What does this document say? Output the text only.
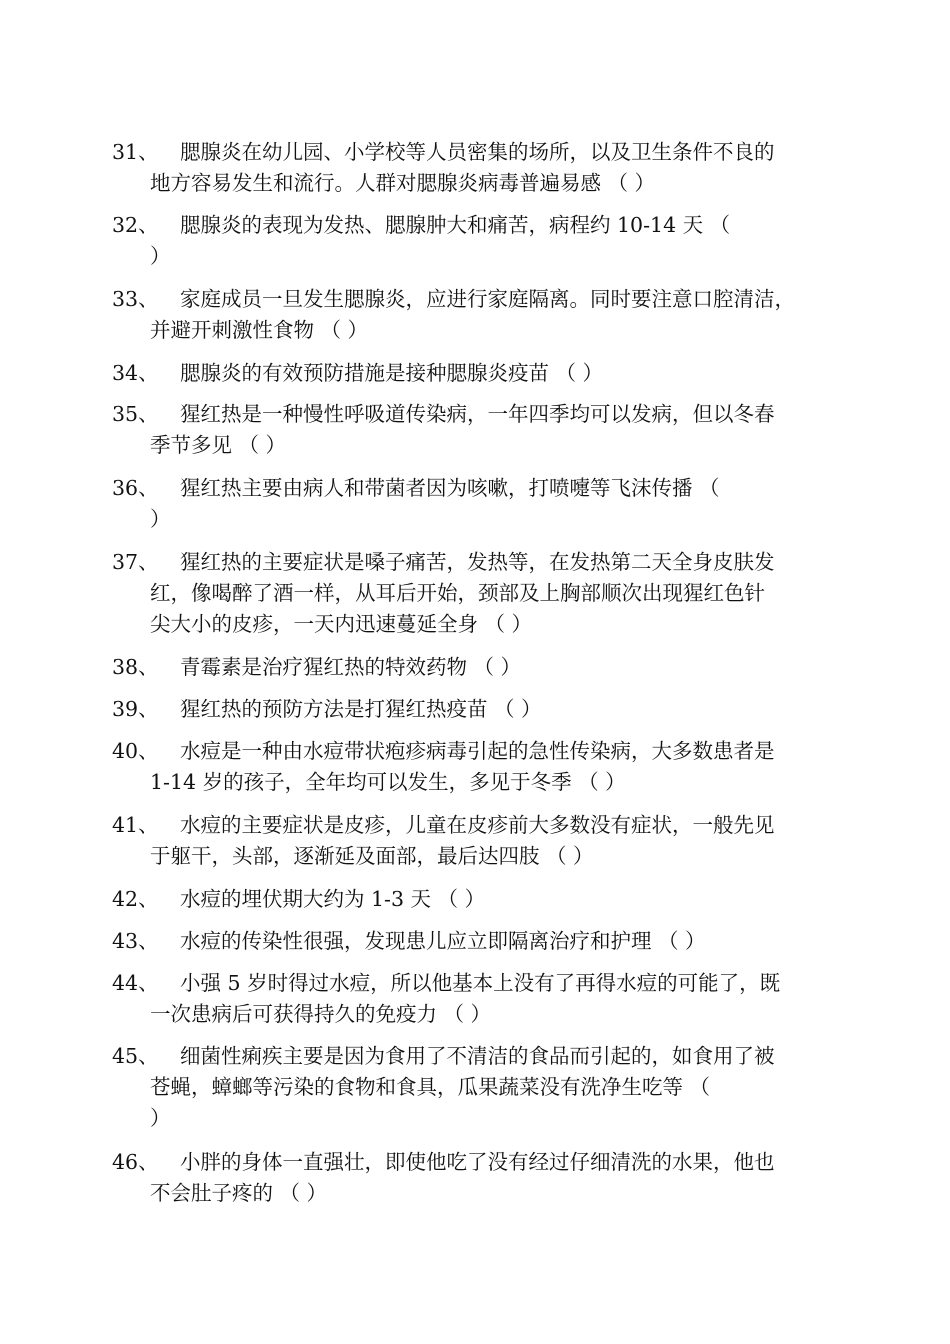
31、	腮腺炎在幼儿园、小学校等人员密集的场所，以及卫生条件不良的
地方容易发生和流行。人群对腮腺炎病毒普遍易感 （ ）
32、	腮腺炎的表现为发热、腮腺肿大和痛苦，病程约 10-14 天 （
）
33、	家庭成员一旦发生腮腺炎，应进行家庭隔离。同时要注意口腔清洁，
并避开刺激性食物 （ ）
34、	腮腺炎的有效预防措施是接种腮腺炎疫苗 （ ）
35、	猩红热是一种慢性呼吸道传染病，一年四季均可以发病，但以冬春
季节多见 （ ）
36、	猩红热主要由病人和带菌者因为咳嗽，打喷嚏等飞沫传播 （
）
37、	猩红热的主要症状是嗓子痛苦，发热等，在发热第二天全身皮肤发
红，像喝醉了酒一样，从耳后开始，颈部及上胸部顺次出现猩红色针
尖大小的皮疹，一天内迅速蔓延全身 （ ）
38、	青霉素是治疗猩红热的特效药物 （ ）
39、	猩红热的预防方法是打猩红热疫苗 （ ）
40、	水痘是一种由水痘带状疱疹病毒引起的急性传染病，大多数患者是
1-14 岁的孩子，全年均可以发生，多见于冬季 （ ）
41、	水痘的主要症状是皮疹，儿童在皮疹前大多数没有症状，一般先见
于躯干，头部，逐渐延及面部，最后达四肢 （ ）
42、	水痘的埋伏期大约为 1-3 天 （ ）
43、	水痘的传染性很强，发现患儿应立即隔离治疗和护理 （ ）
44、	小强 5 岁时得过水痘，所以他基本上没有了再得水痘的可能了，既
一次患病后可获得持久的免疫力 （ ）
45、	细菌性痢疾主要是因为食用了不清洁的食品而引起的，如食用了被
苍蝇，蟑螂等污染的食物和食具，瓜果蔬菜没有洗净生吃等 （
）
46、	小胖的身体一直强壮，即使他吃了没有经过仔细清洗的水果，他也
不会肚子疼的 （ ）
